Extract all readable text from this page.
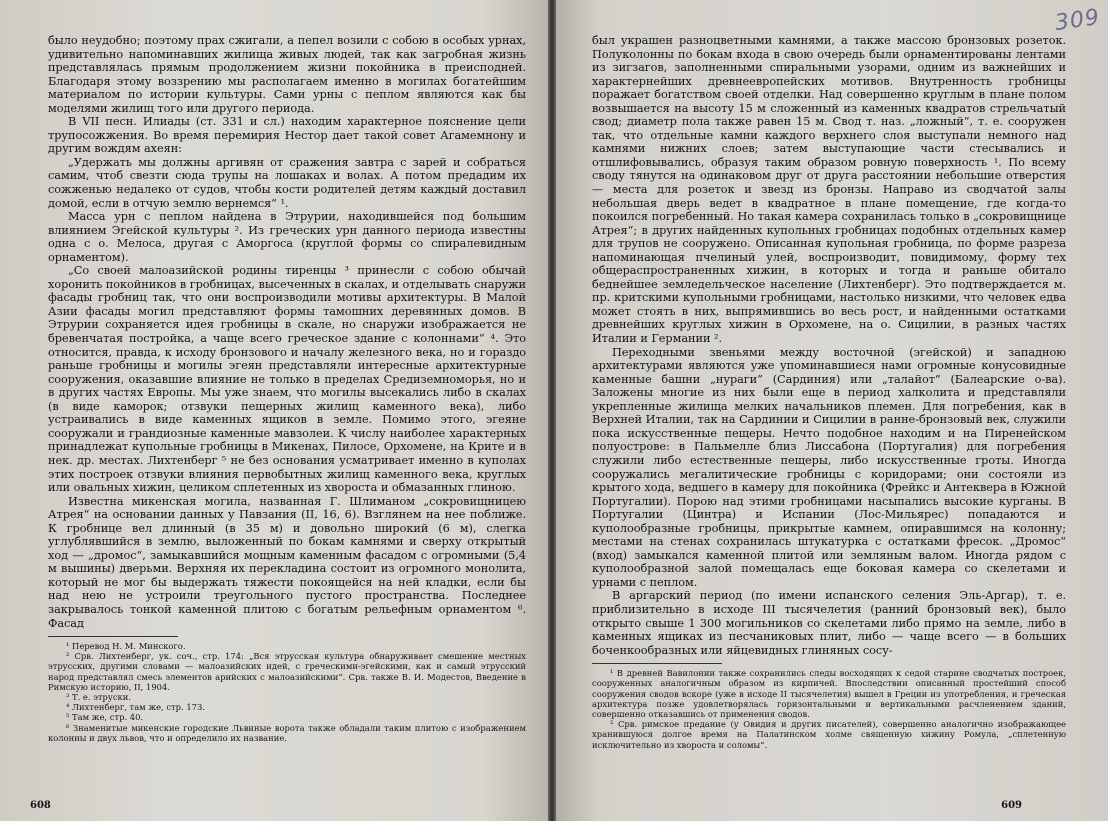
было неудобно; поэтому прах сжигали, а пепел возили с собою в особых урнах, удивительно напоминавших жилища живых людей, так как загробная жизнь представлялась прямым продолжением жизни покойника в преисподней. Благодаря этому воззрению мы располагаем именно в могилах богатейшим материалом по истории культуры. Сами урны с пеплом являются как бы моделями жилищ того или другого периода.

В VII песн. Илиады (ст. 331 и сл.) находим характерное пояснение цели трупосожжения. Во время перемирия Нестор дает такой совет Агамемнону и другим вождям ахеян:

„Удержать мы должны аргивян от сражения завтра с зарей и собраться самим, чтоб свезти сюда трупы на лошаках и волах. А потом предадим их сожженью недалеко от судов, чтобы кости родителей детям каждый доставил домой, если в отчую землю вернемся“ ¹.

Масса урн с пеплом найдена в Этрурии, находившейся под большим влиянием Эгейской культуры ². Из греческих урн данного периода известны одна с о. Мелоса, другая с Аморгоса (круглой формы со спиралевидным орнаментом).

„Со своей малоазийской родины тиренцы ³ принесли с собою обычай хоронить покойников в гробницах, высеченных в скалах, и отделывать снаружи фасады гробниц так, что они воспроизводили мотивы архитектуры. В Малой Азии фасады могил представляют формы тамошних деревянных домов. В Этрурии сохраняется идея гробницы в скале, но снаружи изображается не бревенчатая постройка, а чаще всего греческое здание с колоннами“ ⁴. Это относится, правда, к исходу бронзового и началу железного века, но и гораздо раньше гробницы и могилы эгеян представляли интересные архитектурные сооружения, оказавшие влияние не только в пределах Средиземноморья, но и в других частях Европы. Мы уже знаем, что могилы высекались либо в скалах (в виде каморок; отзвуки пещерных жилищ каменного века), либо устраивались в виде каменных ящиков в земле. Помимо этого, эгеяне сооружали и грандиозные каменные мавзолеи. К числу наиболее характерных принадлежат купольные гробницы в Микенах, Пилосе, Орхомене, на Крите и в нек. др. местах. Лихтенберг ⁵ не без основания усматривает именно в куполах этих построек отзвуки влияния первобытных жилищ каменного века, круглых или овальных хижин, целиком сплетенных из хвороста и обмазанных глиною.

Известна микенская могила, названная Г. Шлиманом „сокровищницею Атрея“ на основании данных у Павзания (II, 16, 6). Взглянем на нее поближе. К гробнице вел длинный (в 35 м) и довольно широкий (6 м), слегка углублявшийся в землю, выложенный по бокам камнями и сверху открытый ход — „дромос“, замыкавшийся мощным каменным фасадом с огромными (5,4 м вышины) дверьми. Верхняя их перекладина состоит из огромного монолита, который не мог бы выдержать тяжести покоящейся на ней кладки, если бы над нею не устроили треугольного пустого пространства. Последнее закрывалось тонкой каменной плитою с богатым рельефным орнаментом ⁶. Фасад

¹ Перевод Н. М. Минского.

² Срв. Лихтенберг, ук. соч., стр. 174: „Вся этрусская культура обнаруживает смешение местных этрусских, другими словами — малоазийских идей, с греческими-эгейскими, как и самый этрусский народ представлял смесь элементов арийских с малоазийскими“. Срв. также В. И. Модестов, Введение в Римскую историю, II, 1904.

³ Т. е. этруски.

⁴ Лихтенберг, там же, стр. 173.

⁵ Там же, стр. 40.

⁶ Знаменитые микенские городские Львиные ворота также обладали таким плитою с изображением колонны и двух львов, что и определило их название.

608
309

был украшен разноцветными камнями, а также массою бронзовых розеток. Полуколонны по бокам входа в свою очередь были орнаментированы лентами из зигзагов, заполненными спиральными узорами, одним из важнейших и характернейших древнеевропейских мотивов. Внутренность гробницы поражает богатством своей отделки. Над совершенно круглым в плане полом возвышается на высоту 15 м сложенный из каменных квадратов стрельчатый свод; диаметр пола также равен 15 м. Свод т. наз. „ложный“, т. е. сооружен так, что отдельные камни каждого верхнего слоя выступали немного над камнями нижних слоев; затем выступающие части стесывались и отшлифовывались, образуя таким образом ровную поверхность ¹. По всему своду тянутся на одинаковом друг от друга расстоянии небольшие отверстия — места для розеток и звезд из бронзы. Направо из сводчатой залы небольшая дверь ведет в квадратное в плане помещение, где когда-то покоился погребенный. Но такая камера сохранилась только в „сокровищнице Атрея“; в других найденных купольных гробницах подобных отдельных камер для трупов не сооружено. Описанная купольная гробница, по форме разреза напоминающая пчелиный улей, воспроизводит, повидимому, форму тех общераспространенных хижин, в которых и тогда и раньше обитало беднейшее земледельческое население (Лихтенберг). Это подтверждается м. пр. критскими купольными гробницами, настолько низкими, что человек едва может стоять в них, выпрямившись во весь рост, и найденными остатками древнейших круглых хижин в Орхомене, на о. Сицилии, в разных частях Италии и Германии ².

Переходными звеньями между восточной (эгейской) и западною архитектурами являются уже упоминавшиеся нами огромные конусовидные каменные башни „нураги“ (Сардиния) или „талайот“ (Балеарские о-ва). Заложены многие из них были еще в период халколита и представляли укрепленные жилища мелких начальников племен. Для погребения, как в Верхней Италии, так на Сардинии и Сицилии в ранне-бронзовый век, служили пока искусственные пещеры. Нечто подобное находим и на Пиренейском полуострове: в Пальмелле близ Лиссабона (Португалия) для погребения служили либо естественные пещеры, либо искусственные гроты. Иногда сооружались мегалитические гробницы с коридорами; они состояли из крытого хода, ведшего в камеру для покойника (Фрейкс и Антеквера в Южной Португалии). Порою над этими гробницами насыпались высокие курганы. В Португалии (Цинтра) и Испании (Лос-Мильярес) попадаются и куполообразные гробницы, прикрытые камнем, опиравшимся на колонну; местами на стенах сохранилась штукатурка с остатками фресок. „Дромос“ (вход) замыкался каменной плитой или земляным валом. Иногда рядом с куполообразной залой помещалась еще боковая камера со скелетами и урнами с пеплом.

В аргарский период (по имени испанского селения Эль-Аргар), т. е. приблизительно в исходе III тысячелетия (ранний бронзовый век), было открыто свыше 1 300 могильников со скелетами либо прямо на земле, либо в каменных ящиках из песчаниковых плит, либо — чаще всего — в больших боченкообразных или яйцевидных глиняных сосу-

¹ В древней Вавилонии также сохранились следы восходящих к седой старине сводчатых построек, сооруженных аналогичным образом из кирпичей. Впоследствии описанный простейший способ сооружения сводов вскоре (уже в исходе II тысячелетия) вышел в Греции из употребления, и греческая архитектура позже удовлетворялась горизонтальными и вертикальными расчленением зданий, совершенно отказавшись от применения сводов.

² Срв. римское предание (у Овидия и других писателей), совершенно аналогично изображающее хранившуюся долгое время на Палатинском холме священную хижину Ромула, „сплетенную исключительно из хвороста и соломы“.

609
